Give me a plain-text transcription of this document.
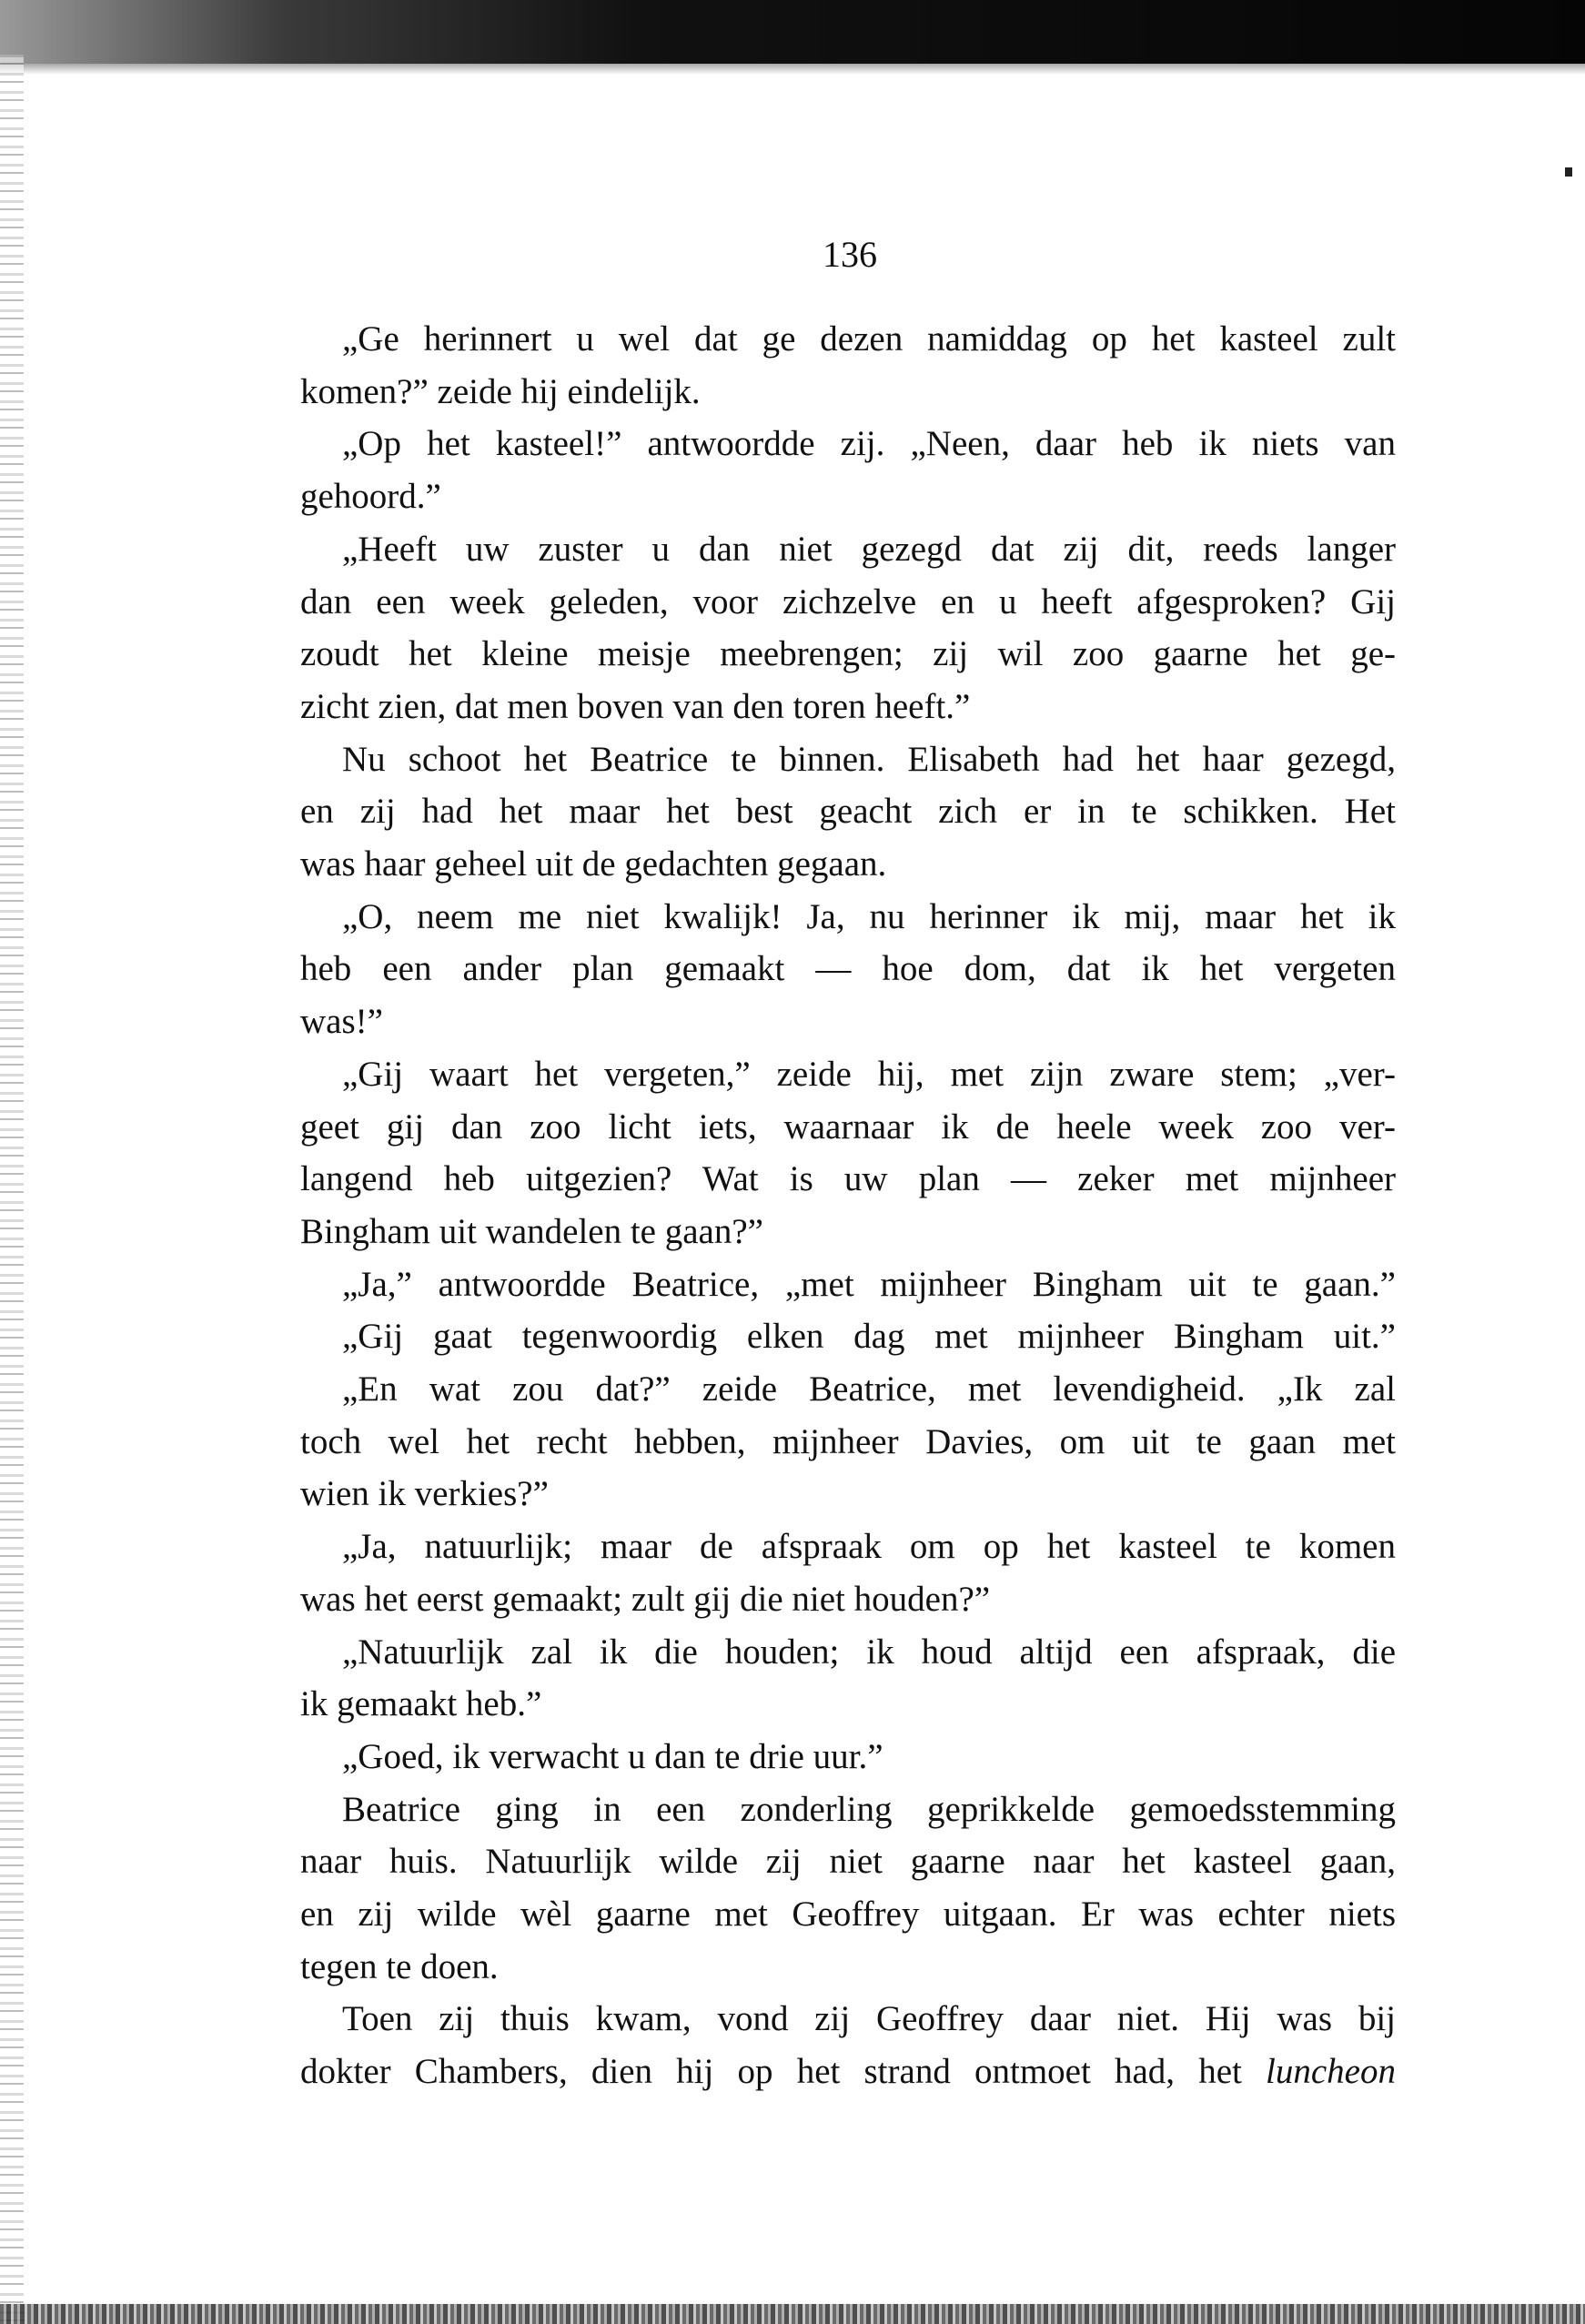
136
„Ge herinnert u wel dat ge dezen namiddag op het kasteel zult
komen?” zeide hij eindelijk.
„Op het kasteel!” antwoordde zij. „Neen, daar heb ik niets van
gehoord.”
„Heeft uw zuster u dan niet gezegd dat zij dit, reeds langer
dan een week geleden, voor zichzelve en u heeft afgesproken? Gij
zoudt het kleine meisje meebrengen; zij wil zoo gaarne het ge-
zicht zien, dat men boven van den toren heeft.”
Nu schoot het Beatrice te binnen. Elisabeth had het haar gezegd,
en zij had het maar het best geacht zich er in te schikken. Het
was haar geheel uit de gedachten gegaan.
„O, neem me niet kwalijk! Ja, nu herinner ik mij, maar het ik
heb een ander plan gemaakt — hoe dom, dat ik het vergeten
was!”
„Gij waart het vergeten,” zeide hij, met zijn zware stem; „ver-
geet gij dan zoo licht iets, waarnaar ik de heele week zoo ver-
langend heb uitgezien? Wat is uw plan — zeker met mijnheer
Bingham uit wandelen te gaan?”
„Ja,” antwoordde Beatrice, „met mijnheer Bingham uit te gaan.”
„Gij gaat tegenwoordig elken dag met mijnheer Bingham uit.”
„En wat zou dat?” zeide Beatrice, met levendigheid. „Ik zal
toch wel het recht hebben, mijnheer Davies, om uit te gaan met
wien ik verkies?”
„Ja, natuurlijk; maar de afspraak om op het kasteel te komen
was het eerst gemaakt; zult gij die niet houden?”
„Natuurlijk zal ik die houden; ik houd altijd een afspraak, die
ik gemaakt heb.”
„Goed, ik verwacht u dan te drie uur.”
Beatrice ging in een zonderling geprikkelde gemoedsstemming
naar huis. Natuurlijk wilde zij niet gaarne naar het kasteel gaan,
en zij wilde wèl gaarne met Geoffrey uitgaan. Er was echter niets
tegen te doen.
Toen zij thuis kwam, vond zij Geoffrey daar niet. Hij was bij
dokter Chambers, dien hij op het strand ontmoet had, het luncheon
